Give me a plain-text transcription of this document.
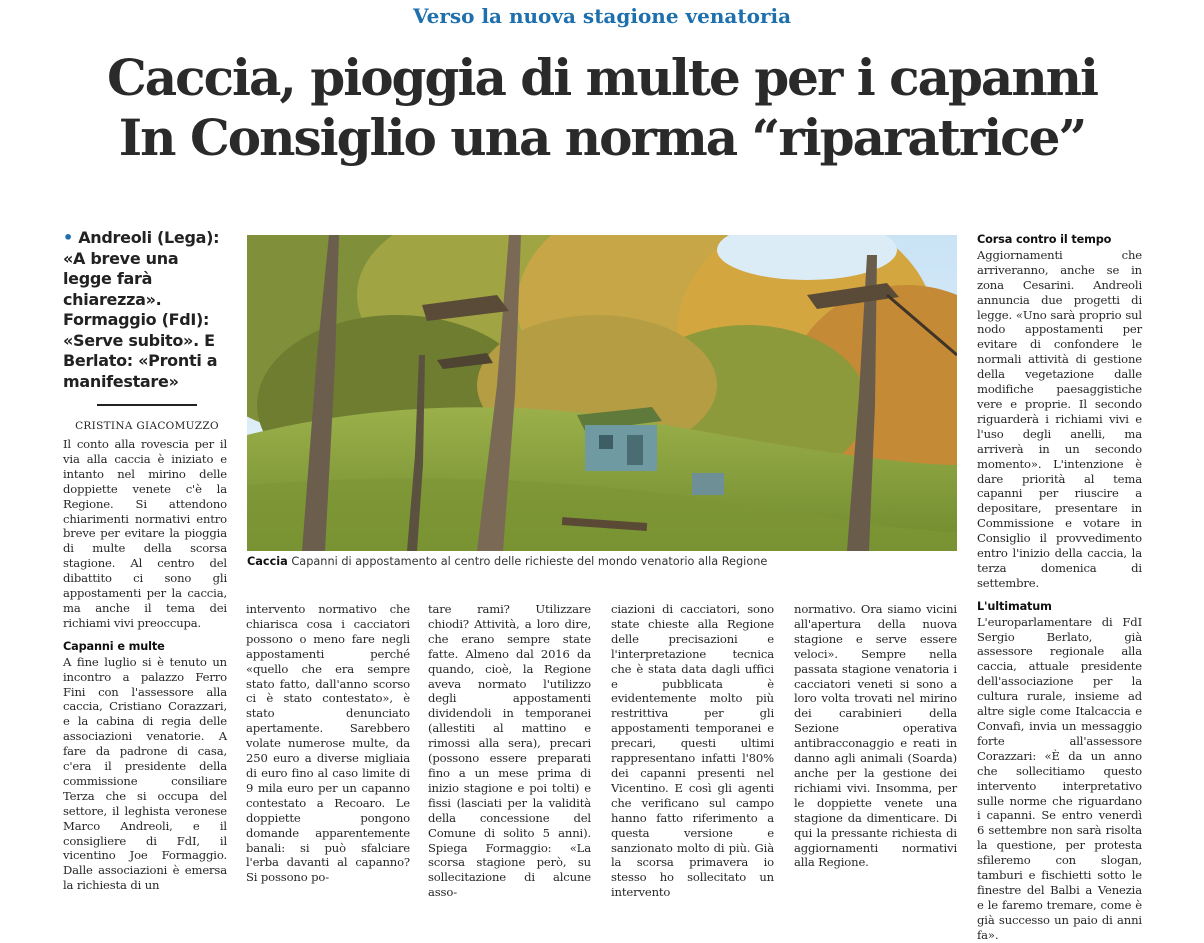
Verso la nuova stagione venatoria
Caccia, pioggia di multe per i capanni
In Consiglio una norma “riparatrice”
• Andreoli (Lega): «A breve una legge farà chiarezza». Formaggio (FdI): «Serve subito». E Berlato: «Pronti a manifestare»
CRISTINA GIACOMUZZO

Il conto alla rovescia per il via alla caccia è iniziato e intanto nel mirino delle doppiette venete c'è la Regione. Si attendono chiarimenti normativi entro breve per evitare la pioggia di multe della scorsa stagione. Al centro del dibattito ci sono gli appostamenti per la caccia, ma anche il tema dei richiami vivi preoccupa.

Capanni e multe

A fine luglio si è tenuto un incontro a palazzo Ferro Fini con l'assessore alla caccia, Cristiano Corazzari, e la cabina di regia delle associazioni venatorie. A fare da padrone di casa, c'era il presidente della commissione consiliare Terza che si occupa del settore, il leghista veronese Marco Andreoli, e il consigliere di FdI, il vicentino Joe Formaggio. Dalle associazioni è emersa la richiesta di un

Caccia Capanni di appostamento al centro delle richieste del mondo venatorio alla Regione

intervento normativo che chiarisca cosa i cacciatori possono o meno fare negli appostamenti perché «quello che era sempre stato fatto, dall'anno scorso ci è stato contestato», è stato denunciato apertamente. Sarebbero volate numerose multe, da 250 euro a diverse migliaia di euro fino al caso limite di 9 mila euro per un capanno contestato a Recoaro. Le doppiette pongono domande apparentemente banali: si può sfalciare l'erba davanti al capanno? Si possono po-

tare rami? Utilizzare chiodi? Attività, a loro dire, che erano sempre state fatte. Almeno dal 2016 da quando, cioè, la Regione aveva normato l'utilizzo degli appostamenti dividendoli in temporanei (allestiti al mattino e rimossi alla sera), precari (possono essere preparati fino a un mese prima di inizio stagione e poi tolti) e fissi (lasciati per la validità della concessione del Comune di solito 5 anni). Spiega Formaggio: «La scorsa stagione però, su sollecitazione di alcune asso-

ciazioni di cacciatori, sono state chieste alla Regione delle precisazioni e l'interpretazione tecnica che è stata data dagli uffici e pubblicata è evidentemente molto più restrittiva per gli appostamenti temporanei e precari, questi ultimi rappresentano infatti l'80% dei capanni presenti nel Vicentino. E così gli agenti che verificano sul campo hanno fatto riferimento a questa versione e sanzionato molto di più. Già la scorsa primavera io stesso ho sollecitato un intervento

normativo. Ora siamo vicini all'apertura della nuova stagione e serve essere veloci». Sempre nella passata stagione venatoria i cacciatori veneti si sono a loro volta trovati nel mirino dei carabinieri della Sezione operativa antibracconaggio e reati in danno agli animali (Soarda) anche per la gestione dei richiami vivi. Insomma, per le doppiette venete una stagione da dimenticare. Di qui la pressante richiesta di aggiornamenti normativi alla Regione.

Corsa contro il tempo

Aggiornamenti che arriveranno, anche se in zona Cesarini. Andreoli annuncia due progetti di legge. «Uno sarà proprio sul nodo appostamenti per evitare di confondere le normali attività di gestione della vegetazione dalle modifiche paesaggistiche vere e proprie. Il secondo riguarderà i richiami vivi e l'uso degli anelli, ma arriverà in un secondo momento». L'intenzione è dare priorità al tema capanni per riuscire a depositare, presentare in Commissione e votare in Consiglio il provvedimento entro l'inizio della caccia, la terza domenica di settembre.

L'ultimatum

L'europarlamentare di FdI Sergio Berlato, già assessore regionale alla caccia, attuale presidente dell'associazione per la cultura rurale, insieme ad altre sigle come Italcaccia e Convafi, invia un messaggio forte all'assessore Corazzari: «È da un anno che sollecitiamo questo intervento interpretativo sulle norme che riguardano i capanni. Se entro venerdì 6 settembre non sarà risolta la questione, per protesta sfileremo con slogan, tamburi e fischietti sotto le finestre del Balbi a Venezia e le faremo tremare, come è già successo un paio di anni fa».
